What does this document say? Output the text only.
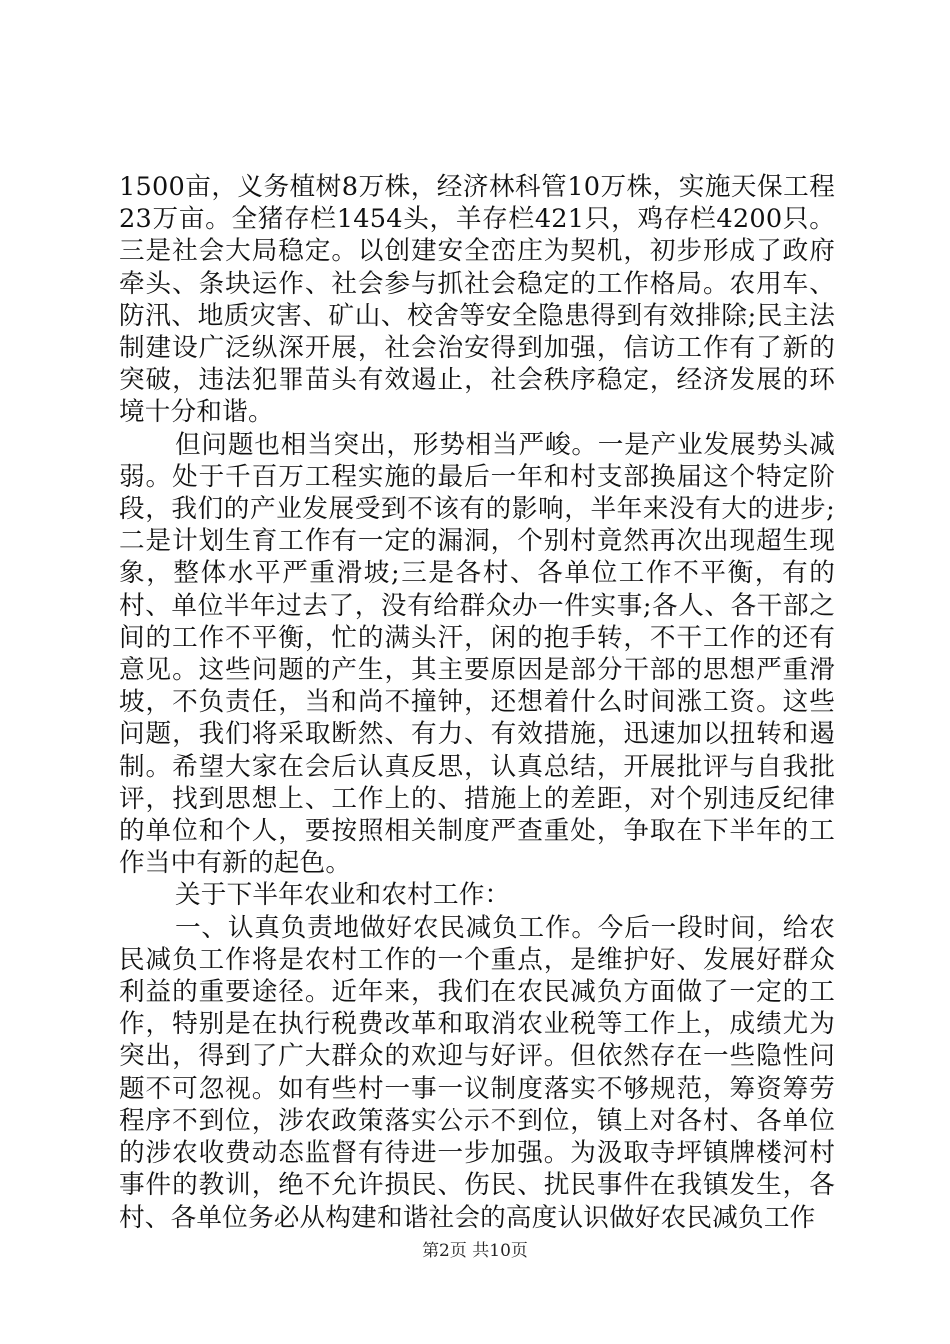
1500亩，义务植树8万株，经济林科管10万株，实施天保工程23万亩。全猪存栏1454头，羊存栏421只，鸡存栏4200只。三是社会大局稳定。以创建安全峦庄为契机，初步形成了政府牵头、条块运作、社会参与抓社会稳定的工作格局。农用车、防汛、地质灾害、矿山、校舍等安全隐患得到有效排除;民主法制建设广泛纵深开展，社会治安得到加强，信访工作有了新的突破，违法犯罪苗头有效遏止，社会秩序稳定，经济发展的环境十分和谐。

但问题也相当突出，形势相当严峻。一是产业发展势头减弱。处于千百万工程实施的最后一年和村支部换届这个特定阶段，我们的产业发展受到不该有的影响，半年来没有大的进步;二是计划生育工作有一定的漏洞，个别村竟然再次出现超生现象，整体水平严重滑坡;三是各村、各单位工作不平衡，有的村、单位半年过去了，没有给群众办一件实事;各人、各干部之间的工作不平衡，忙的满头汗，闲的抱手转，不干工作的还有意见。这些问题的产生，其主要原因是部分干部的思想严重滑坡，不负责任，当和尚不撞钟，还想着什么时间涨工资。这些问题，我们将采取断然、有力、有效措施，迅速加以扭转和遏制。希望大家在会后认真反思，认真总结，开展批评与自我批评，找到思想上、工作上的、措施上的差距，对个别违反纪律的单位和个人，要按照相关制度严查重处，争取在下半年的工作当中有新的起色。

关于下半年农业和农村工作：

一、认真负责地做好农民减负工作。今后一段时间，给农民减负工作将是农村工作的一个重点，是维护好、发展好群众利益的重要途径。近年来，我们在农民减负方面做了一定的工作，特别是在执行税费改革和取消农业税等工作上，成绩尤为突出，得到了广大群众的欢迎与好评。但依然存在一些隐性问题不可忽视。如有些村一事一议制度落实不够规范，筹资筹劳程序不到位，涉农政策落实公示不到位，镇上对各村、各单位的涉农收费动态监督有待进一步加强。为汲取寺坪镇牌楼河村事件的教训，绝不允许损民、伤民、扰民事件在我镇发生，各村、各单位务必从构建和谐社会的高度认识做好农民减负工作

第2页 共10页
